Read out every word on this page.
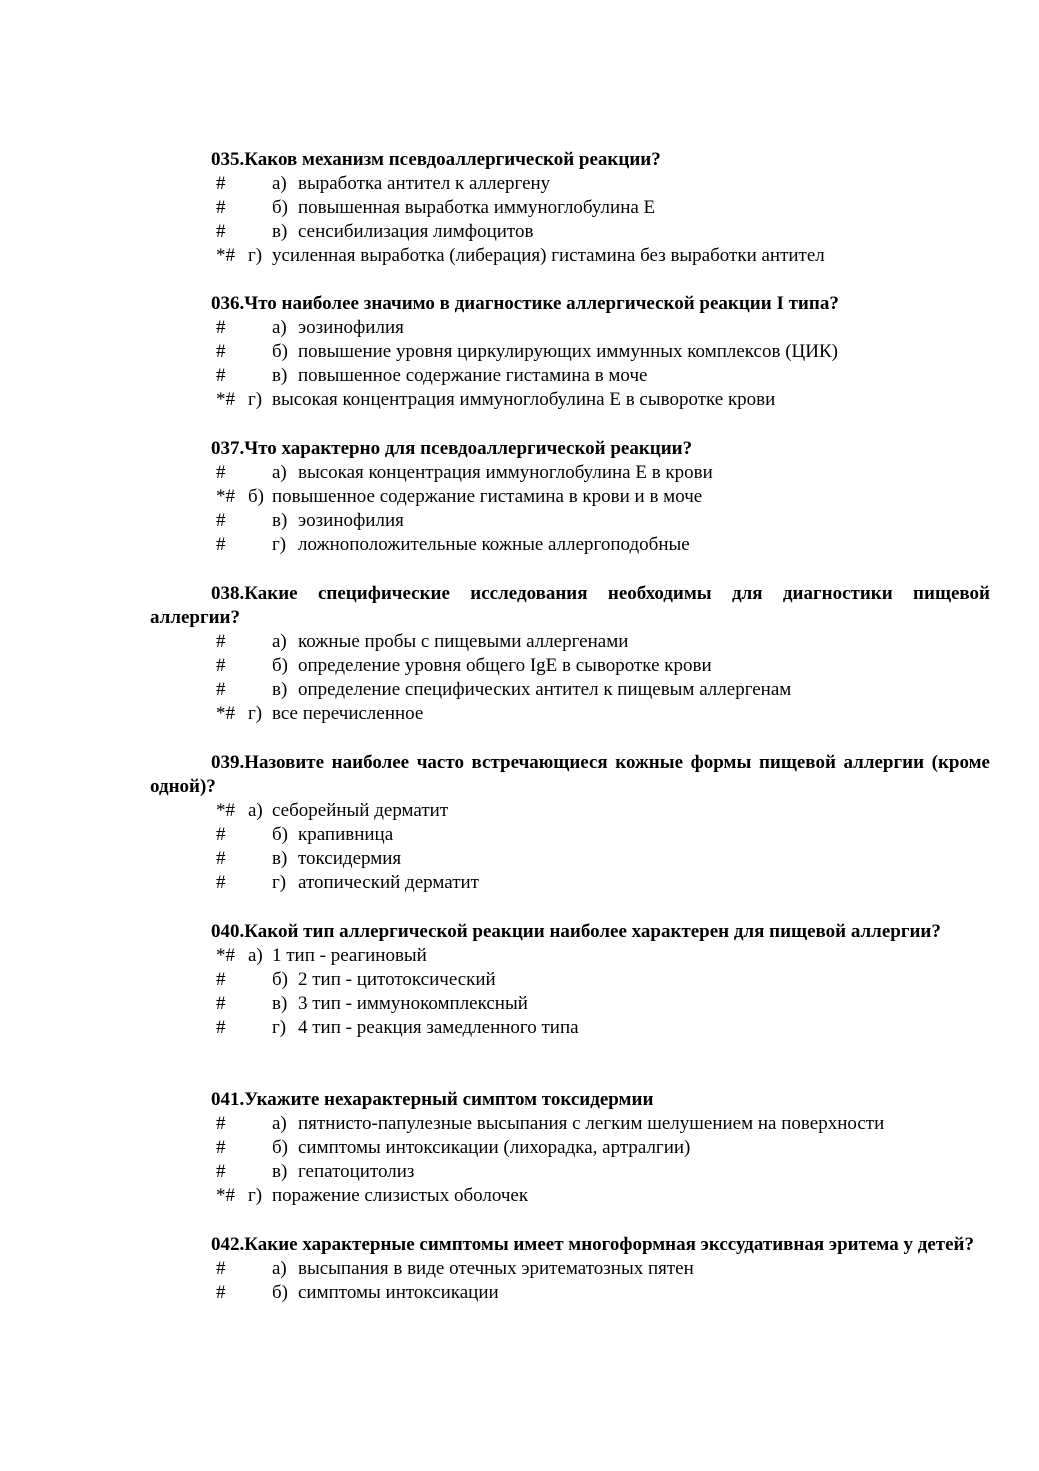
035.Каков механизм псевдоаллергической реакции?

# а) выработка антител к аллергену
# б) повышенная выработка иммуноглобулина Е
# в) сенсибилизация лимфоцитов
*# г) усиленная выработка (либерация) гистамина без выработки антител

036.Что наиболее значимо в диагностике аллергической реакции I типа?

# а) эозинофилия
# б) повышение уровня циркулирующих иммунных комплексов (ЦИК)
# в) повышенное содержание гистамина в моче
*# г) высокая концентрация иммуноглобулина Е в сыворотке крови

037.Что характерно для псевдоаллергической реакции?

# а) высокая концентрация иммуноглобулина Е в крови
*# б) повышенное содержание гистамина в крови и в моче
# в) эозинофилия
# г) ложноположительные кожные аллергоподобные

038.Какие специфические исследования необходимы для диагностики пищевой аллергии?

# а) кожные пробы с пищевыми аллергенами
# б) определение уровня общего IgE в сыворотке крови
# в) определение специфических антител к пищевым аллергенам
*# г) все перечисленное

039.Назовите наиболее часто встречающиеся кожные формы пищевой аллергии (кроме одной)?

*# а) себорейный дерматит
# б) крапивница
# в) токсидермия
# г) атопический дерматит

040.Какой тип аллергической реакции наиболее характерен для пищевой аллергии?

*# а) 1 тип - реагиновый
# б) 2 тип - цитотоксический
# в) 3 тип - иммунокомплексный
# г) 4 тип - реакция замедленного типа

041.Укажите нехарактерный симптом токсидермии

# а) пятнисто-папулезные высыпания с легким шелушением на поверхности
# б) симптомы интоксикации (лихорадка, артралгии)
# в) гепатоцитолиз
*# г) поражение слизистых оболочек

042.Какие характерные симптомы имеет многоформная экссудативная эритема у детей?

# а) высыпания в виде отечных эритематозных пятен
# б) симптомы интоксикации
